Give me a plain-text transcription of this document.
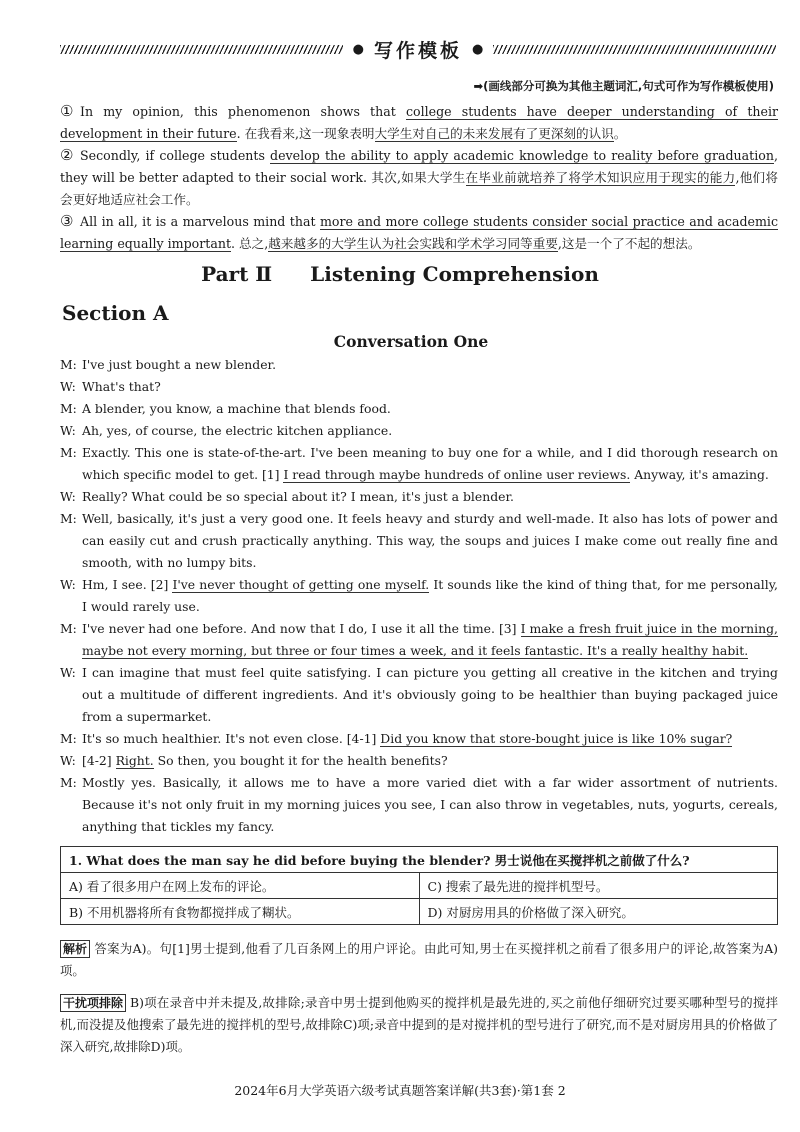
● 写作模板 ●
➡(画线部分可换为其他主题词汇,句式可作为写作模板使用)
① In my opinion, this phenomenon shows that college students have deeper understanding of their development in their future. 在我看来,这一现象表明大学生对自己的未来发展有了更深刻的认识。
② Secondly, if college students develop the ability to apply academic knowledge to reality before graduation, they will be better adapted to their social work. 其次,如果大学生在毕业前就培养了将学术知识应用于现实的能力,他们将会更好地适应社会工作。
③ All in all, it is a marvelous mind that more and more college students consider social practice and academic learning equally important. 总之,越来越多的大学生认为社会实践和学术学习同等重要,这是一个了不起的想法。
Part Ⅱ Listening Comprehension
Section A
Conversation One
M: I've just bought a new blender.
W: What's that?
M: A blender, you know, a machine that blends food.
W: Ah, yes, of course, the electric kitchen appliance.
M: Exactly. This one is state-of-the-art. I've been meaning to buy one for a while, and I did thorough research on which specific model to get. [1] I read through maybe hundreds of online user reviews. Anyway, it's amazing.
W: Really? What could be so special about it? I mean, it's just a blender.
M: Well, basically, it's just a very good one. It feels heavy and sturdy and well-made. It also has lots of power and can easily cut and crush practically anything. This way, the soups and juices I make come out really fine and smooth, with no lumpy bits.
W: Hm, I see. [2] I've never thought of getting one myself. It sounds like the kind of thing that, for me personally, I would rarely use.
M: I've never had one before. And now that I do, I use it all the time. [3] I make a fresh fruit juice in the morning, maybe not every morning, but three or four times a week, and it feels fantastic. It's a really healthy habit.
W: I can imagine that must feel quite satisfying. I can picture you getting all creative in the kitchen and trying out a multitude of different ingredients. And it's obviously going to be healthier than buying packaged juice from a supermarket.
M: It's so much healthier. It's not even close. [4-1] Did you know that store-bought juice is like 10% sugar?
W: [4-2] Right. So then, you bought it for the health benefits?
M: Mostly yes. Basically, it allows me to have a more varied diet with a far wider assortment of nutrients. Because it's not only fruit in my morning juices you see, I can also throw in vegetables, nuts, yogurts, cereals, anything that tickles my fancy.
1. What does the man say he did before buying the blender? 男士说他在买搅拌机之前做了什么?	
A) 看了很多用户在网上发布的评论。	C) 搜索了最先进的搅拌机型号。
B) 不用机器将所有食物都搅拌成了糊状。	D) 对厨房用具的价格做了深入研究。
解析 答案为A)。句[1]男士提到,他看了几百条网上的用户评论。由此可知,男士在买搅拌机之前看了很多用户的评论,故答案为A)项。
干扰项排除 B)项在录音中并未提及,故排除;录音中男士提到他购买的搅拌机是最先进的,买之前他仔细研究过要买哪种型号的搅拌机,而没提及他搜索了最先进的搅拌机的型号,故排除C)项;录音中提到的是对搅拌机的型号进行了研究,而不是对厨房用具的价格做了深入研究,故排除D)项。
2024年6月大学英语六级考试真题答案详解(共3套)·第1套 2
